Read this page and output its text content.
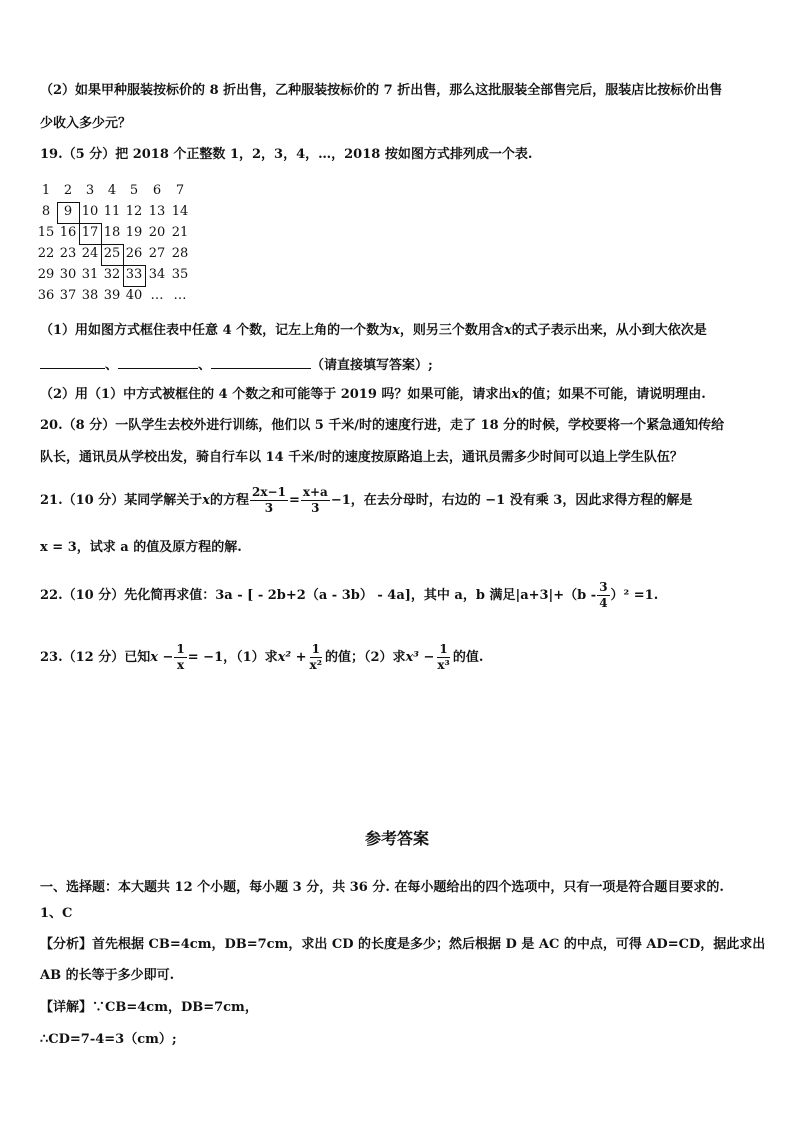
（2）如果甲种服装按标价的 8 折出售，乙种服装按标价的 7 折出售，那么这批服装全部售完后，服装店比按标价出售
少收入多少元？
19.（5 分）把 2018 个正整数 1，2，3，4，…，2018 按如图方式排列成一个表.
1	2	3	4	5	6	7
8	9 10 11 12 13 14
15 16 17 18 19 20 21
22 23 24 25 26 27 28
29 30 31 32 33 34 35
36 37 38 39 40 … …
（1）用如图方式框住表中任意 4 个数，记左上角的一个数为x，则另三个数用含x的式子表示出来，从小到大依次是
、	、	（请直接填写答案）;
（2）用（1）中方式被框住的 4 个数之和可能等于 2019 吗？如果可能，请求出x的值；如果不可能，请说明理由.
20.（8 分）一队学生去校外进行训练，他们以 5 千米/时的速度行进，走了 18 分的时候，学校要将一个紧急通知传给
队长，通讯员从学校出发，骑自行车以 14 千米/时的速度按原路追上去，通讯员需多少时间可以追上学生队伍？
21.（10 分）某同学解关于 x 的方程 $\frac{2x-1}{3} = \frac{x+a}{3} -1$，在去分母时，右边的 −1 没有乘 3，因此求得方程的解是
x = 3，试求 a 的值及原方程的解.
22.（10 分）先化简再求值：3a - [ - 2b+2（a - 3b） - 4a]，其中 a，b 满足$|a+3|+(b - \frac{3}{4} )^2 =1$.
23.（12 分）已知 $x - \frac{1}{x} = -1$，（1）求 $x^2 + \frac{1}{\text{x²}}$ 的值；（2）求 $x^3 - \frac{1}{\text{x³}}$ 的值.
参考答案
一、选择题：本大题共 12 个小题，每小题 3 分，共 36 分. 在每小题给出的四个选项中，只有一项是符合题目要求的.
1、C
【分析】首先根据 CB=4cm，DB=7cm，求出 CD 的长度是多少；然后根据 D 是 AC 的中点，可得 AD=CD，据此求出
AB 的长等于多少即可.
【详解】∵CB=4cm，DB=7cm，
∴CD=7-4=3（cm）;
